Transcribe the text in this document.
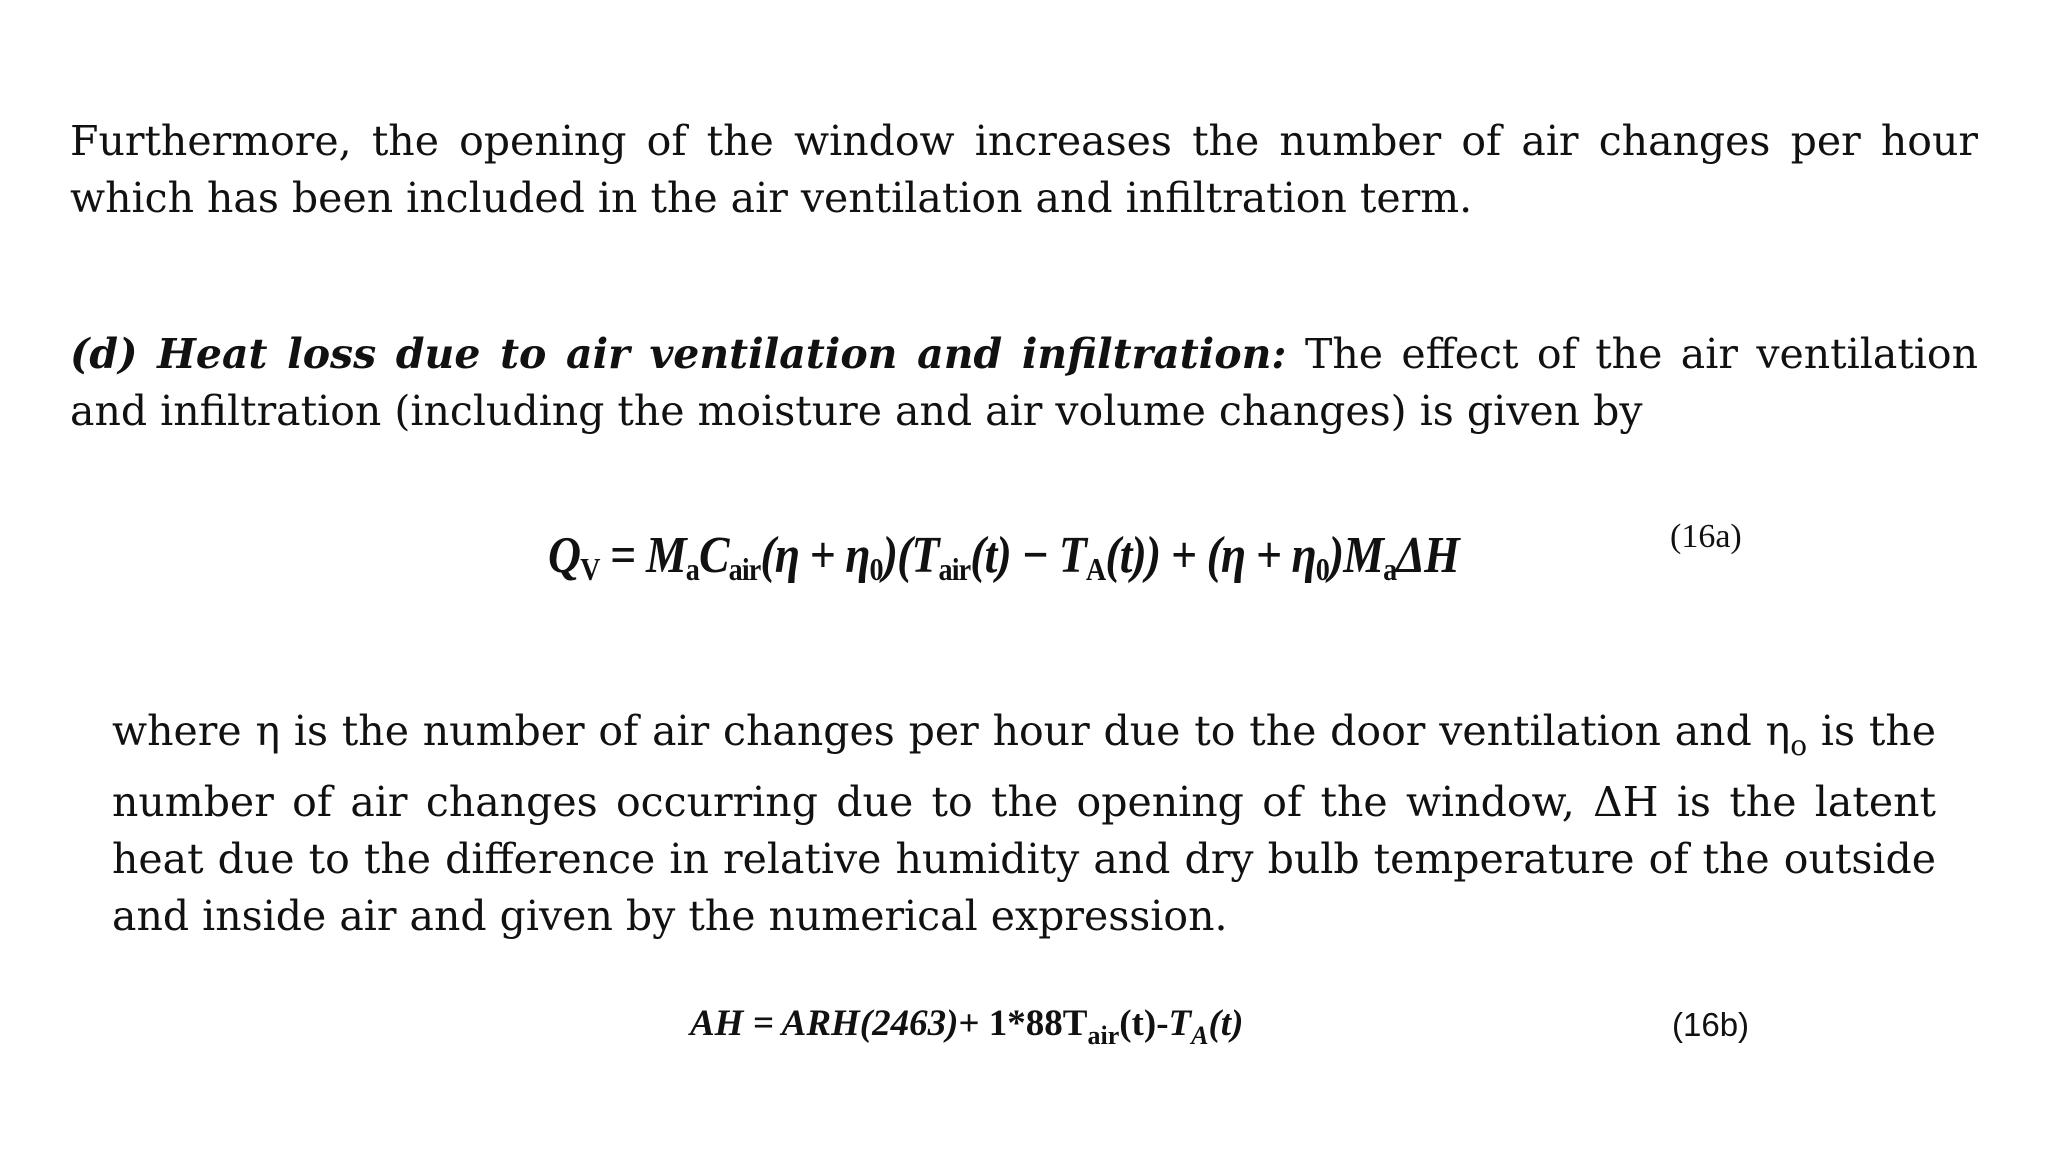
Furthermore, the opening of the window increases the number of air changes per hour which has been included in the air ventilation and infiltration term.

(d) Heat loss due to air ventilation and infiltration: The effect of the air ventilation and infiltration (including the moisture and air volume changes) is given by

$Q_V = M_aC_{air}(\eta + \eta_0)(T_{air}(t) - T_A(t)) + (\eta + \eta_0)M_a\Delta H$	(16a)

where η is the number of air changes per hour due to the door ventilation and $\eta_o$ is the number of air changes occurring due to the opening of the window, ΔH is the latent heat due to the difference in relative humidity and dry bulb temperature of the outside and inside air and given by the numerical expression.

AH = $ARH(2463)+ 1*88T_{air}(t)-T_A(t)$	(16b)
